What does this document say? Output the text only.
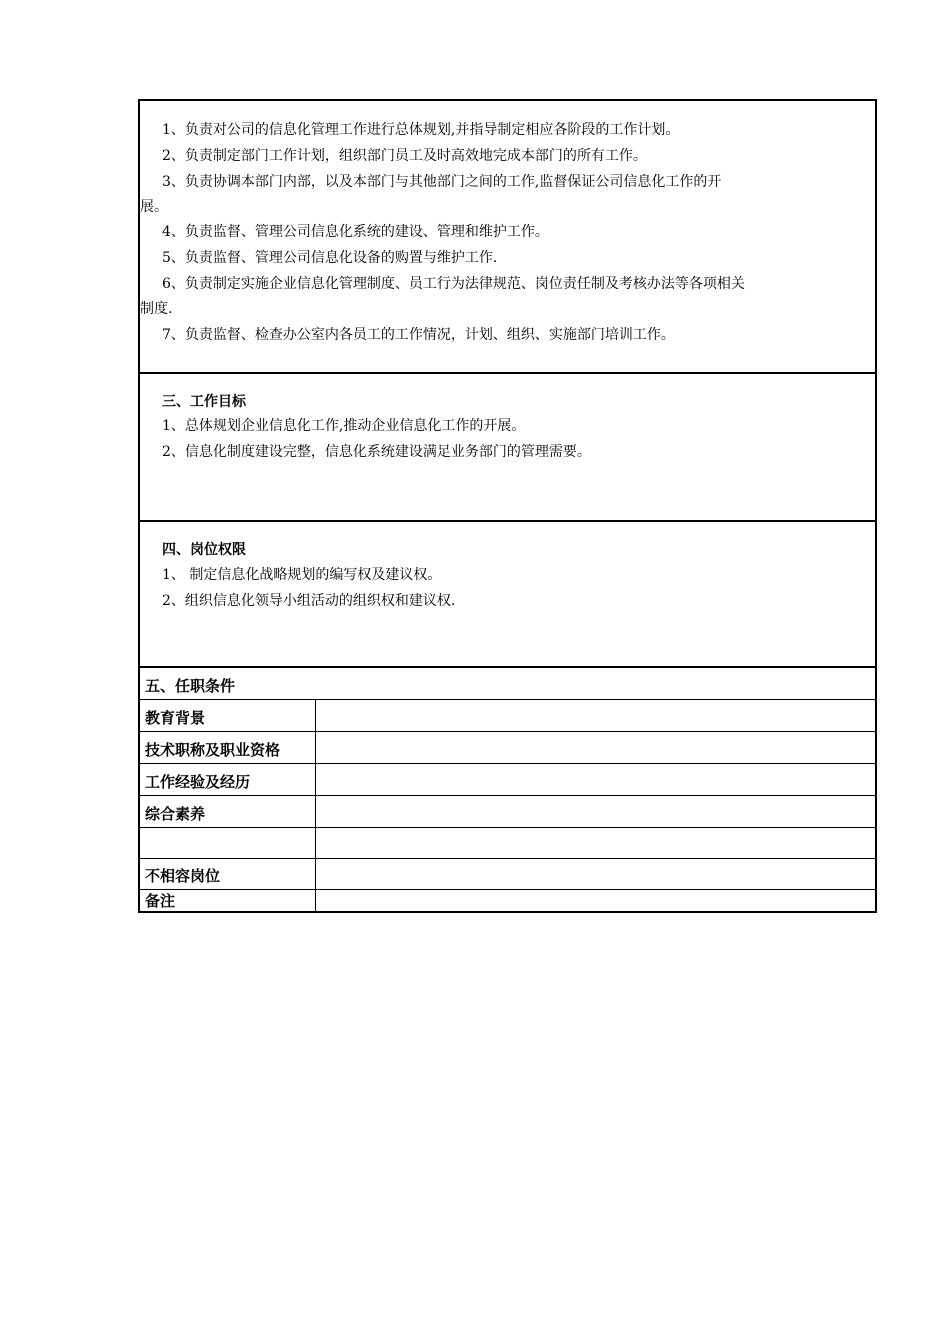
1、负责对公司的信息化管理工作进行总体规划,并指导制定相应各阶段的工作计划。
2、负责制定部门工作计划，组织部门员工及时高效地完成本部门的所有工作。
3、负责协调本部门内部，以及本部门与其他部门之间的工作,监督保证公司信息化工作的开
展。
4、负责监督、管理公司信息化系统的建设、管理和维护工作。
5、负责监督、管理公司信息化设备的购置与维护工作.
6、负责制定实施企业信息化管理制度、员工行为法律规范、岗位责任制及考核办法等各项相关
制度.
7、负责监督、检查办公室内各员工的工作情况，计划、组织、实施部门培训工作。
三、工作目标
1、总体规划企业信息化工作,推动企业信息化工作的开展。
2、信息化制度建设完整，信息化系统建设满足业务部门的管理需要。
四、岗位权限
1、 制定信息化战略规划的编写权及建议权。
2、组织信息化领导小组活动的组织权和建议权.
五、任职条件
教育背景
技术职称及职业资格
工作经验及经历
综合素养
不相容岗位
备注
